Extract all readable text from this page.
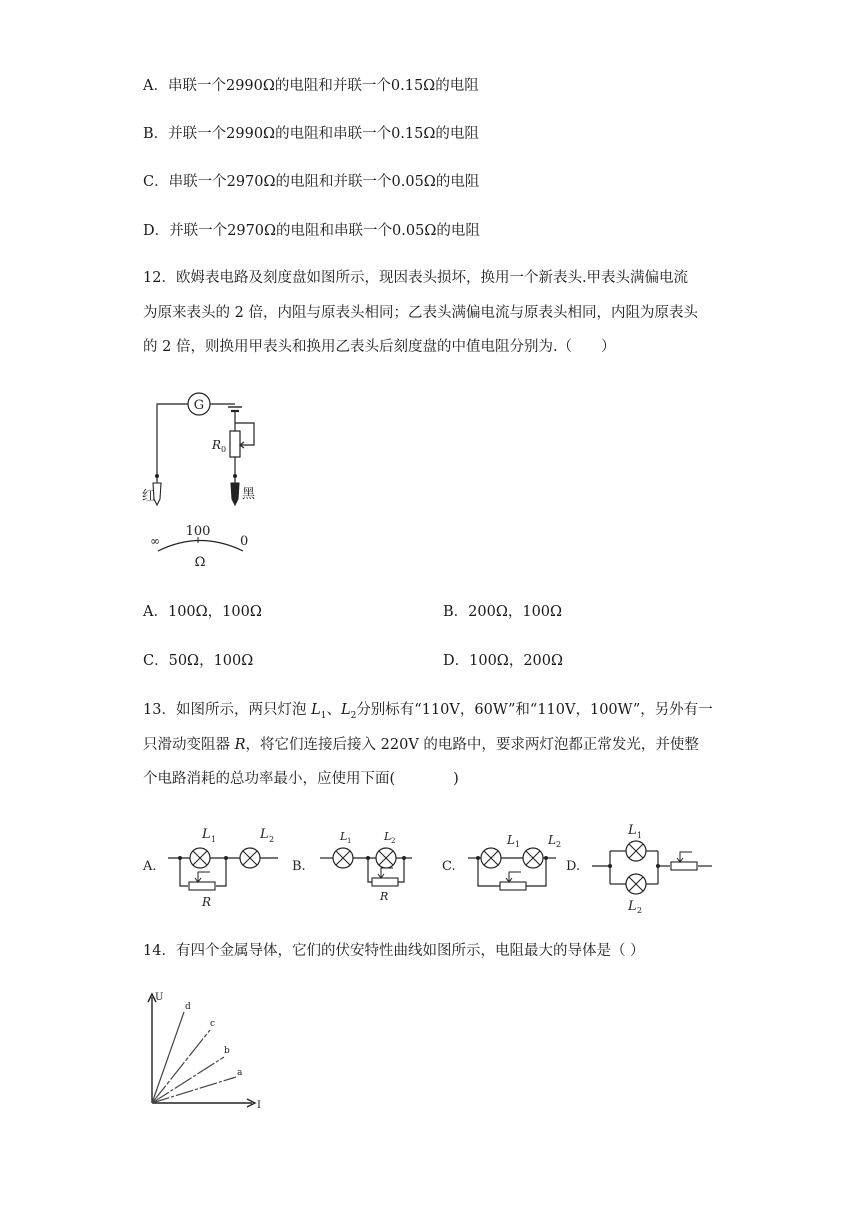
A．串联一个2990Ω的电阻和并联一个0.15Ω的电阻
B．并联一个2990Ω的电阻和串联一个0.15Ω的电阻
C．串联一个2970Ω的电阻和并联一个0.05Ω的电阻
D．并联一个2970Ω的电阻和串联一个0.05Ω的电阻
12．欧姆表电路及刻度盘如图所示，现因表头损坏，换用一个新表头.甲表头满偏电流
为原来表头的 2 倍，内阻与原表头相同；乙表头满偏电流与原表头相同，内阻为原表头
的 2 倍，则换用甲表头和换用乙表头后刻度盘的中值电阻分别为.（　　）
G
R 0
红	黑
∞
100
0
Ω
A．100Ω，100Ω	B．200Ω，100Ω
C．50Ω，100Ω	D．100Ω，200Ω
13．如图所示，两只灯泡 $L_1$、$L_2$分别标有“110V，60W”和“110V，100W”，另外有一
只滑动变阻器 R，将它们连接后接入 220V 的电路中，要求两灯泡都正常发光，并使整
个电路消耗的总功率最小，应使用下面(　　　　)
A.
L 1	L 2
R
B.
L 1	L 2
R
C.
L 1 L 2
D.
L 1
L 2
14．有四个金属导体，它们的伏安特性曲线如图所示，电阻最大的导体是（ ）
U
I
d
c
b
a
